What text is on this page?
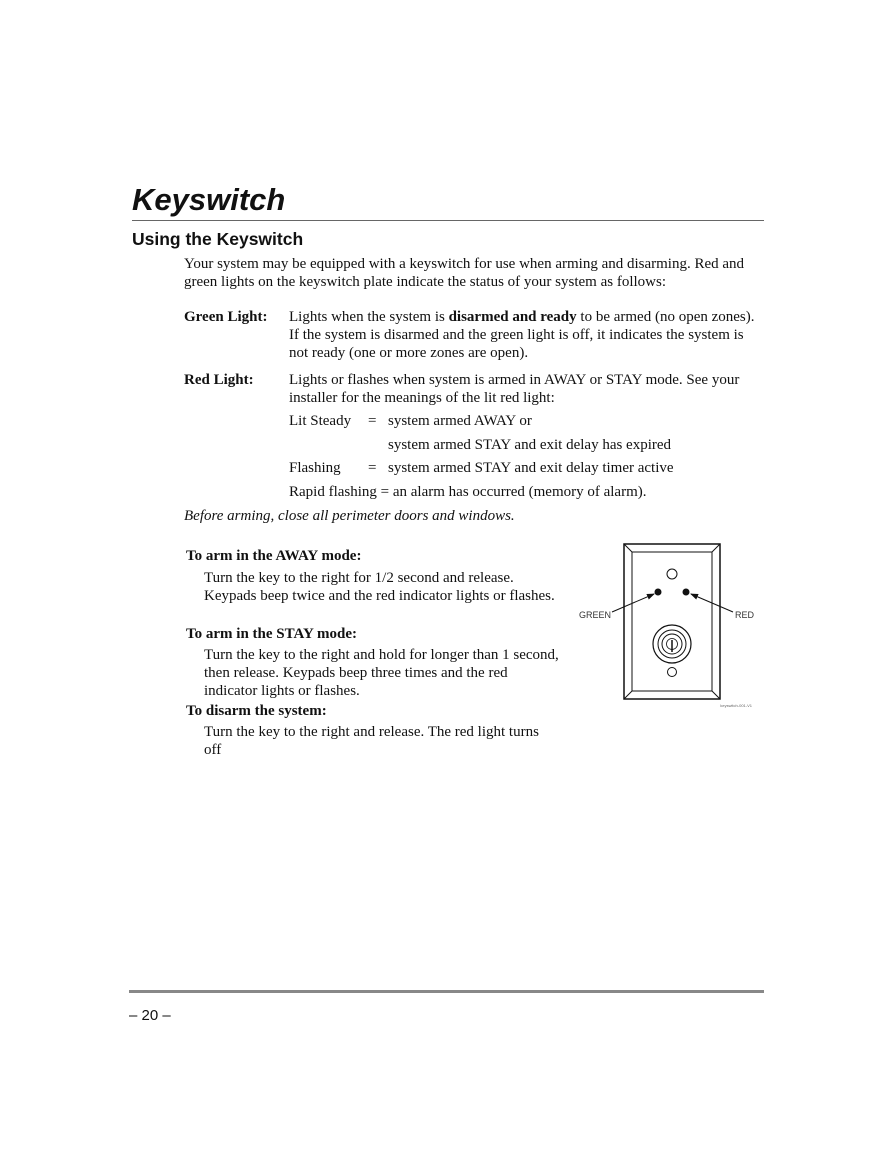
Keyswitch
Using the Keyswitch

Your system may be equipped with a keyswitch for use when arming and disarming. Red and green lights on the keyswitch plate indicate the status of your system as follows:

Green Light: Lights when the system is disarmed and ready to be armed (no open zones). If the system is disarmed and the green light is off, it indicates the system is not ready (one or more zones are open).

Red Light: Lights or flashes when system is armed in AWAY or STAY mode. See your installer for the meanings of the lit red light:

Lit Steady = system armed AWAY or
system armed STAY and exit delay has expired
Flashing = system armed STAY and exit delay timer active
Rapid flashing = an alarm has occurred (memory of alarm).
Before arming, close all perimeter doors and windows.
To arm in the AWAY mode:

Turn the key to the right for 1/2 second and release. Keypads beep twice and the red indicator lights or flashes.

To arm in the STAY mode:

Turn the key to the right and hold for longer than 1 second, then release. Keypads beep three times and the red indicator lights or flashes.

To disarm the system:

Turn the key to the right and release. The red light turns off

GREEN	RED
keyswitch-001-V1
– 20 –
